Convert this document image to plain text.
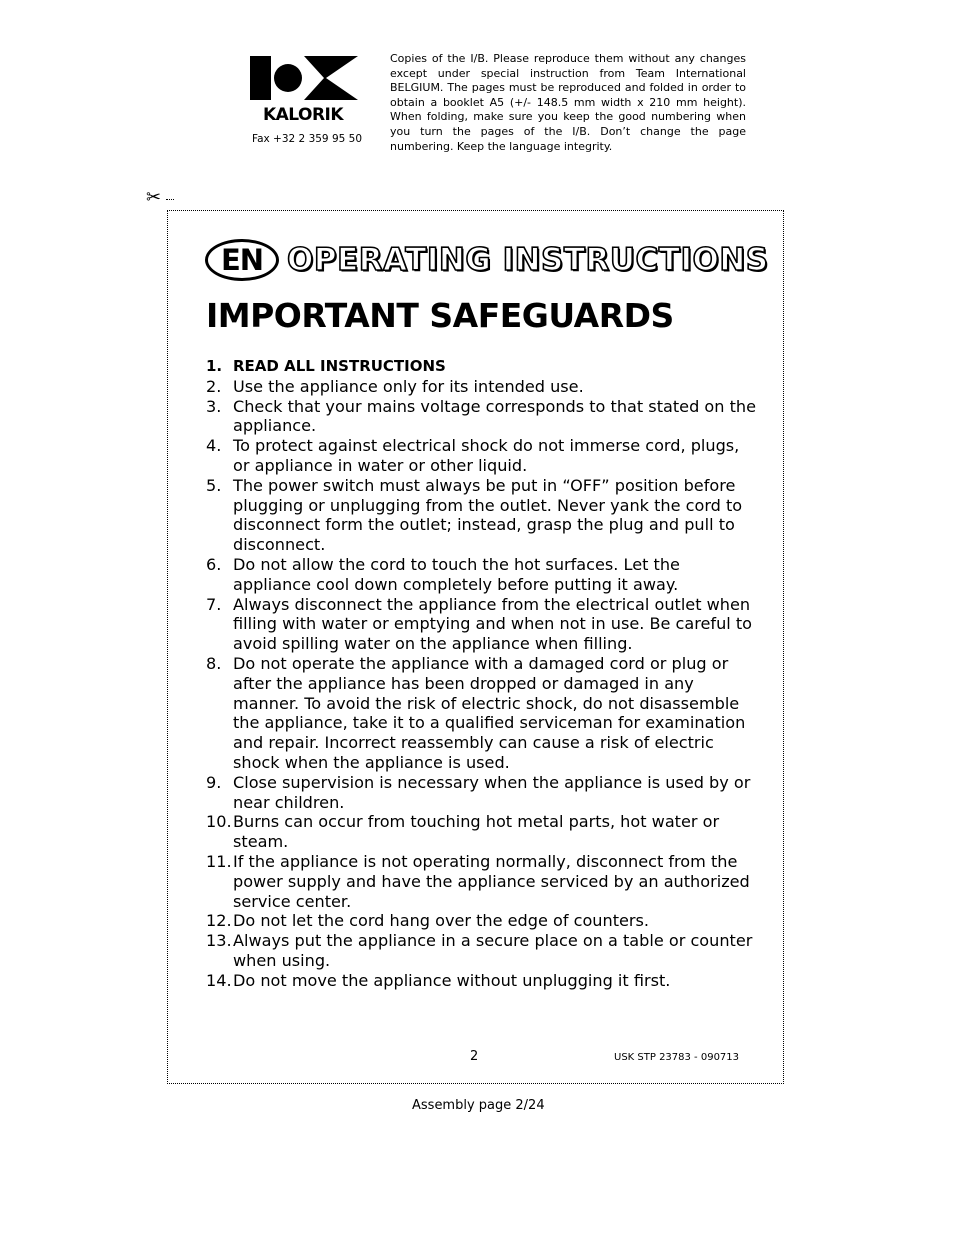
KALORIK
Fax +32 2 359 95 50
Copies of the I/B. Please reproduce them without any changes except under special instruction from Team International BELGIUM. The pages must be reproduced and folded in order to obtain a booklet A5 (+/- 148.5 mm width x 210 mm height). When folding, make sure you keep the good numbering when you turn the pages of the I/B. Don’t change the page numbering. Keep the language integrity.
✂
EN OPERATING INSTRUCTIONS
IMPORTANT SAFEGUARDS
1. READ ALL INSTRUCTIONS
2. Use the appliance only for its intended use.
3. Check that your mains voltage corresponds to that stated on the appliance.
4. To protect against electrical shock do not immerse cord, plugs, or appliance in water or other liquid.
5. The power switch must always be put in “OFF” position before plugging or unplugging from the outlet. Never yank the cord to disconnect form the outlet; instead, grasp the plug and pull to disconnect.
6. Do not allow the cord to touch the hot surfaces. Let the appliance cool down completely before putting it away.
7. Always disconnect the appliance from the electrical outlet when filling with water or emptying and when not in use. Be careful to avoid spilling water on the appliance when filling.
8. Do not operate the appliance with a damaged cord or plug or after the appliance has been dropped or damaged in any manner. To avoid the risk of electric shock, do not disassemble the appliance, take it to a qualified serviceman for examination and repair. Incorrect reassembly can cause a risk of electric shock when the appliance is used.
9. Close supervision is necessary when the appliance is used by or near children.
10. Burns can occur from touching hot metal parts, hot water or steam.
11. If the appliance is not operating normally, disconnect from the power supply and have the appliance serviced by an authorized service center.
12. Do not let the cord hang over the edge of counters.
13. Always put the appliance in a secure place on a table or counter when using.
14. Do not move the appliance without unplugging it first.
2	USK STP 23783 - 090713
Assembly page 2/24
